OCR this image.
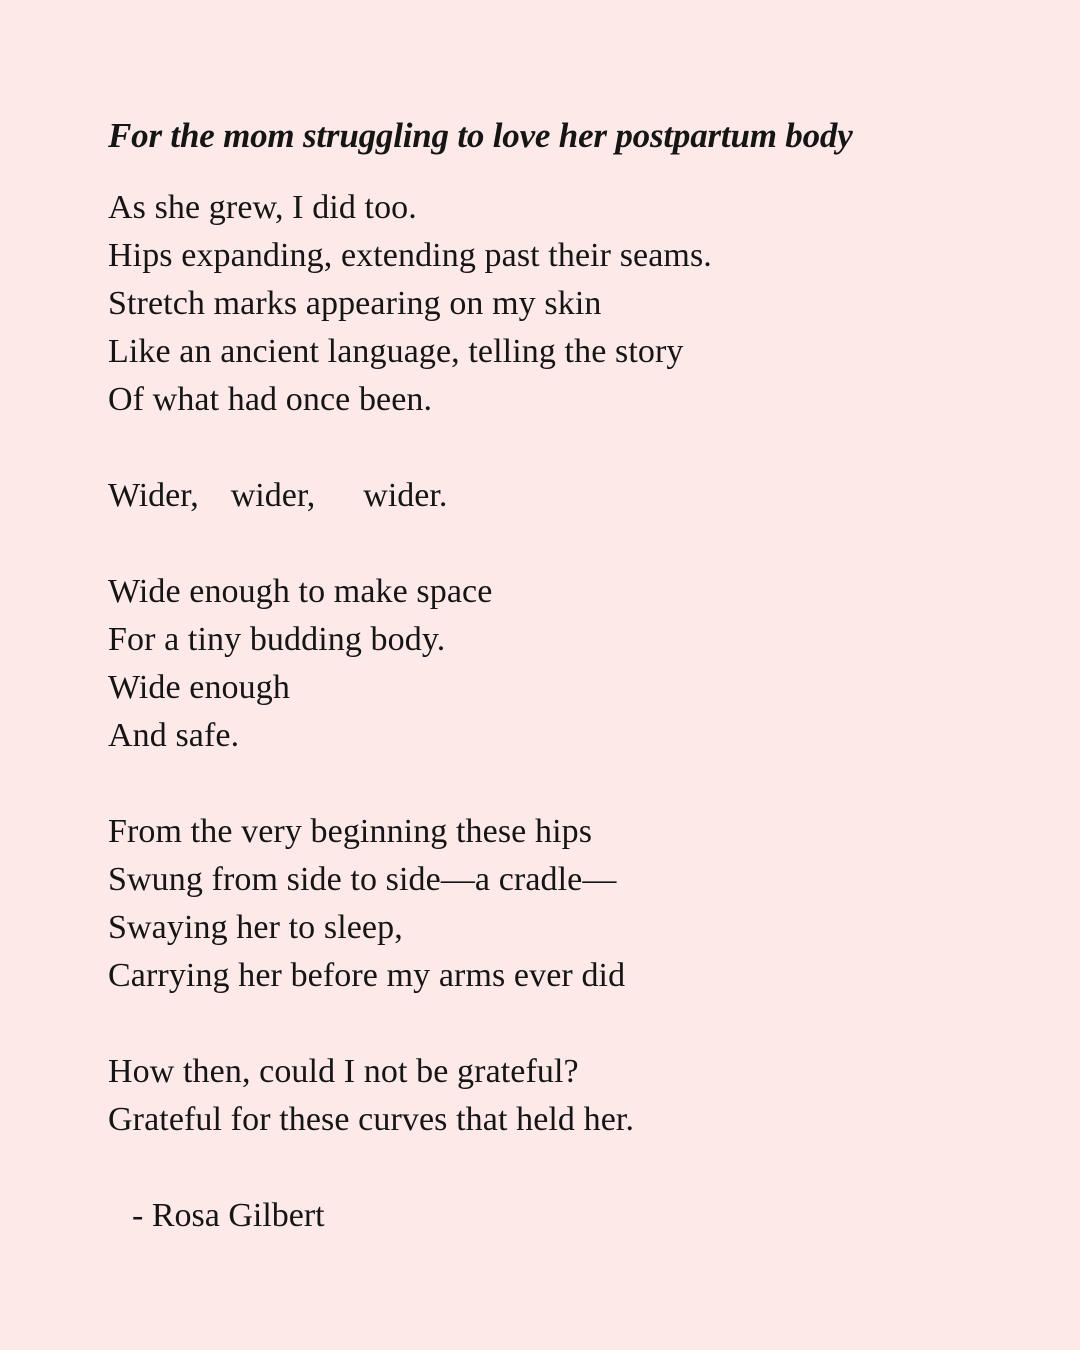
For the mom struggling to love her postpartum body
As she grew, I did too.
Hips expanding, extending past their seams.
Stretch marks appearing on my skin
Like an ancient language, telling the story
Of what had once been.
Wider, wider, wider.
Wide enough to make space
For a tiny budding body.
Wide enough
And safe.
From the very beginning these hips
Swung from side to side—a cradle—
Swaying her to sleep,
Carrying her before my arms ever did
How then, could I not be grateful?
Grateful for these curves that held her.
- Rosa Gilbert
